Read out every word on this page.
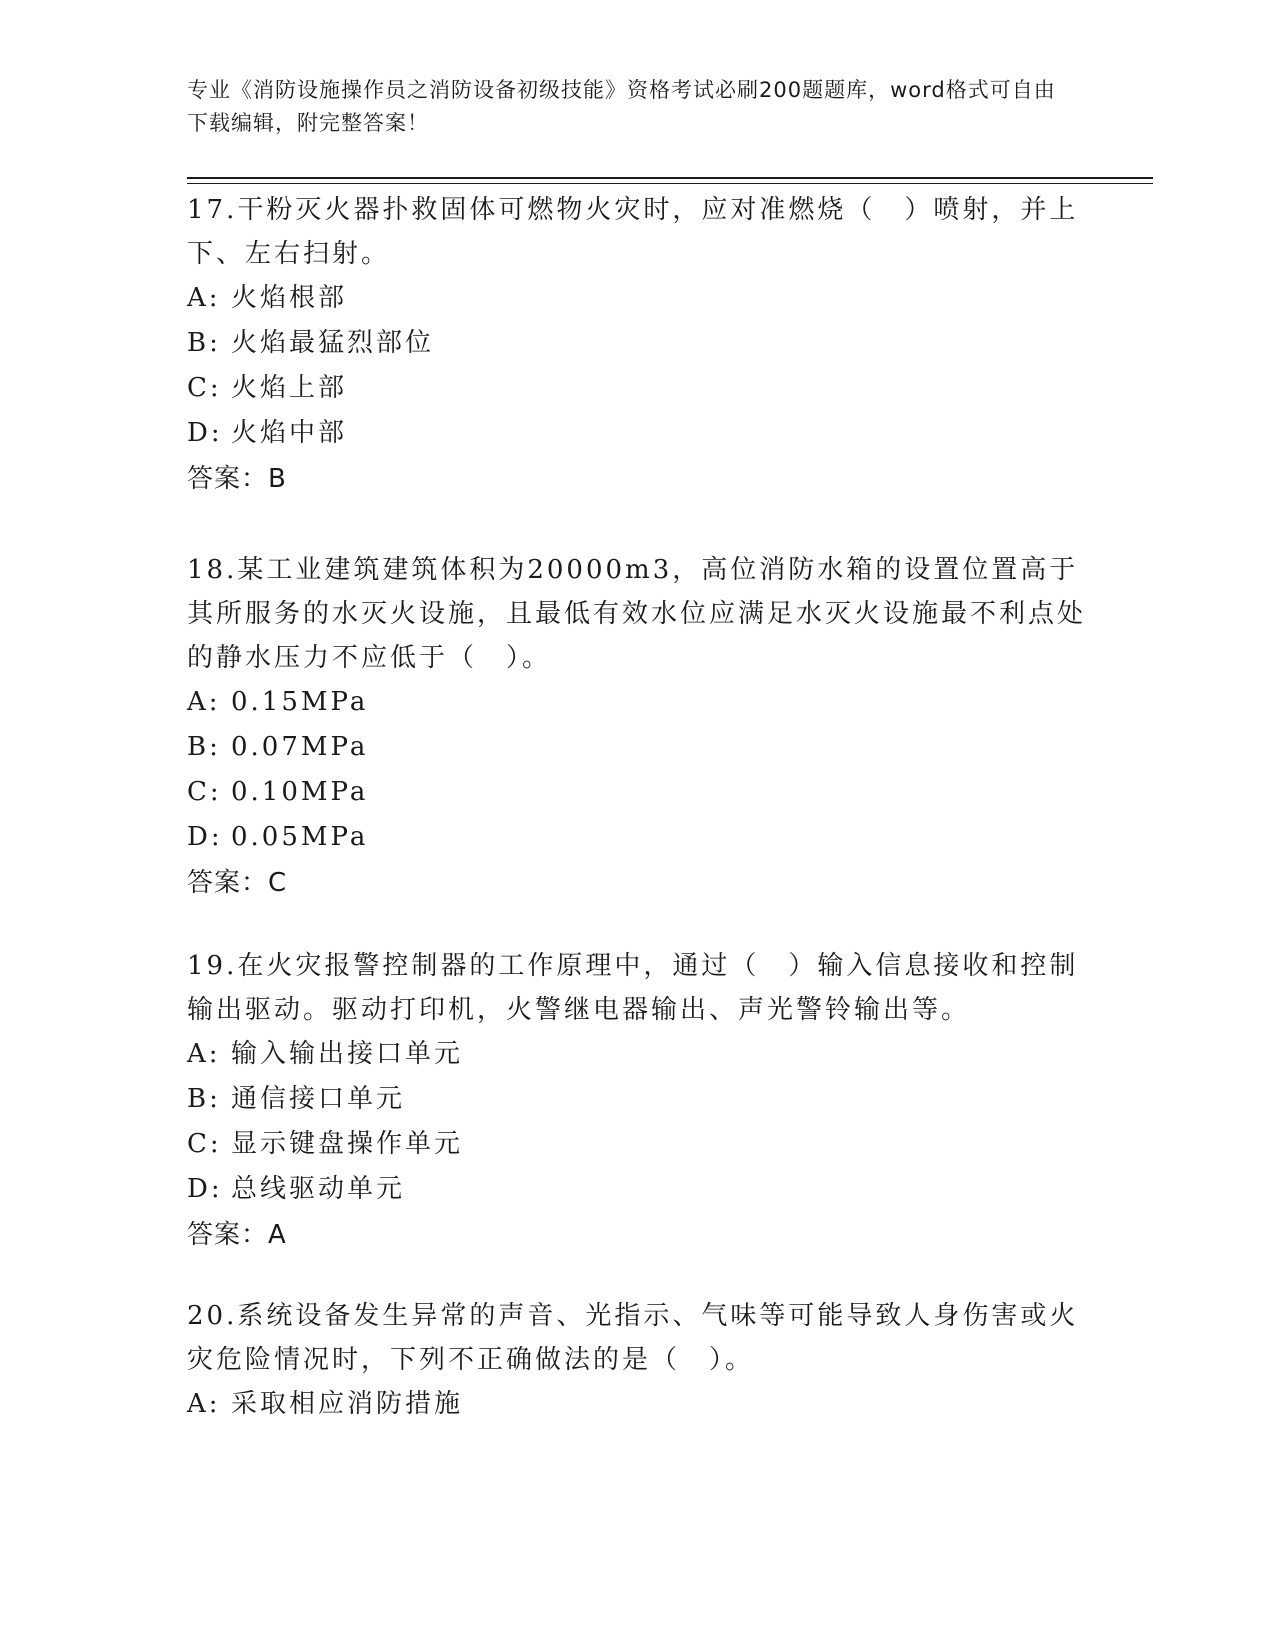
专业《消防设施操作员之消防设备初级技能》资格考试必刷200题题库，word格式可自由下载编辑，附完整答案！

17.干粉灭火器扑救固体可燃物火灾时，应对准燃烧（　）喷射，并上下、左右扫射。

A: 火焰根部

B: 火焰最猛烈部位

C: 火焰上部

D: 火焰中部

答案：B

18.某工业建筑建筑体积为20000m3，高位消防水箱的设置位置高于其所服务的水灭火设施，且最低有效水位应满足水灭火设施最不利点处的静水压力不应低于（　）。

A: 0.15MPa

B: 0.07MPa

C: 0.10MPa

D: 0.05MPa

答案：C

19.在火灾报警控制器的工作原理中，通过（　）输入信息接收和控制输出驱动。驱动打印机，火警继电器输出、声光警铃输出等。

A: 输入输出接口单元

B: 通信接口单元

C: 显示键盘操作单元

D: 总线驱动单元

答案：A

20.系统设备发生异常的声音、光指示、气味等可能导致人身伤害或火灾危险情况时，下列不正确做法的是（　）。

A: 采取相应消防措施
